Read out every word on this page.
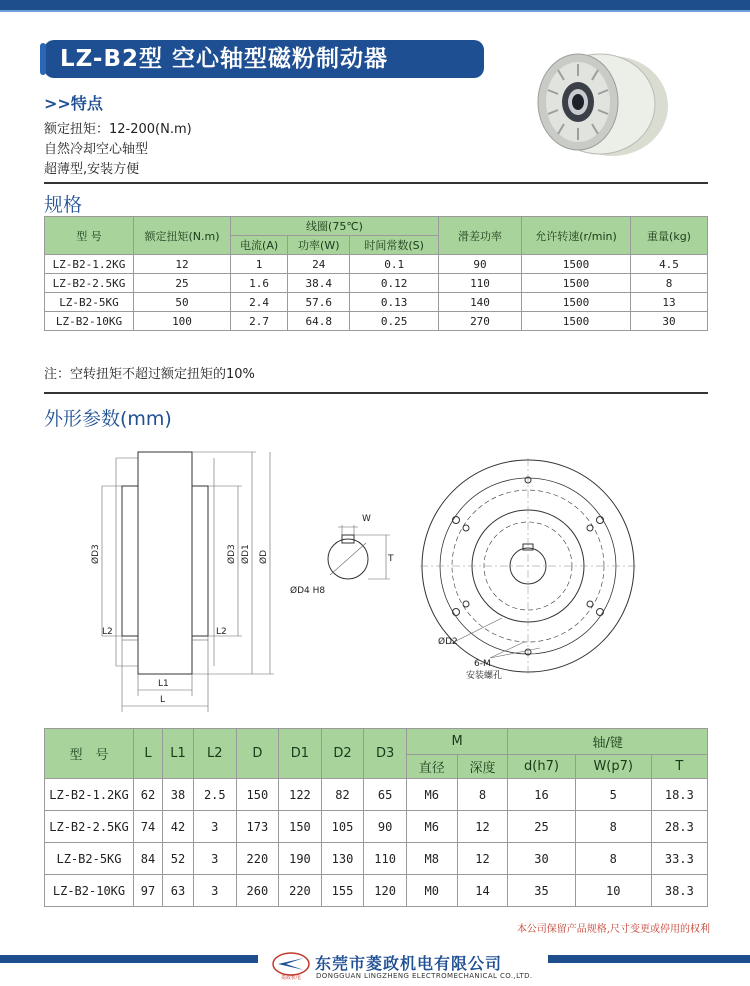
LZ-B2型 空心轴型磁粉制动器
>>特点
额定扭矩：12-200(N.m)
自然冷却空心轴型
超薄型,安装方便
规格
型 号	额定扭矩(N.m)	线圈(75℃)			滑差功率	允许转速(r/min)	重量(kg)
		电流(A)	功率(W)	时间常数(S)			
LZ-B2-1.2KG	12	1	24	0.1	90	1500	4.5
LZ-B2-2.5KG	25	1.6	38.4	0.12	110	1500	8
LZ-B2-5KG	50	2.4	57.6	0.13	140	1500	13
LZ-B2-10KG	100	2.7	64.8	0.25	270	1500	30
注：空转扭矩不超过额定扭矩的10%
外形参数(mm)
ØD3	ØD3 ØD1 ØD
L2	L2
L1
L
W
T
ØD4 H8
ØD2
6-M
安装螺孔
型　号	L	L1	L2	D	D1	D2	D3	M		轴/键		
								直径	深度	d(h7)	W(p7)	T
LZ-B2-1.2KG	62	38	2.5	150	122	82	65	M6	8	16	5	18.3
LZ-B2-2.5KG	74	42	3	173	150	105	90	M6	12	25	8	28.3
LZ-B2-5KG	84	52	3	220	190	130	110	M8	12	30	8	33.3
LZ-B2-10KG	97	63	3	260	220	155	120	M0	14	35	10	38.3
本公司保留产品规格,尺寸变更或停用的权利
菱政机电
东莞市菱政机电有限公司
DONGGUAN LINGZHENG ELECTROMECHANICAL CO.,LTD.
-24-
